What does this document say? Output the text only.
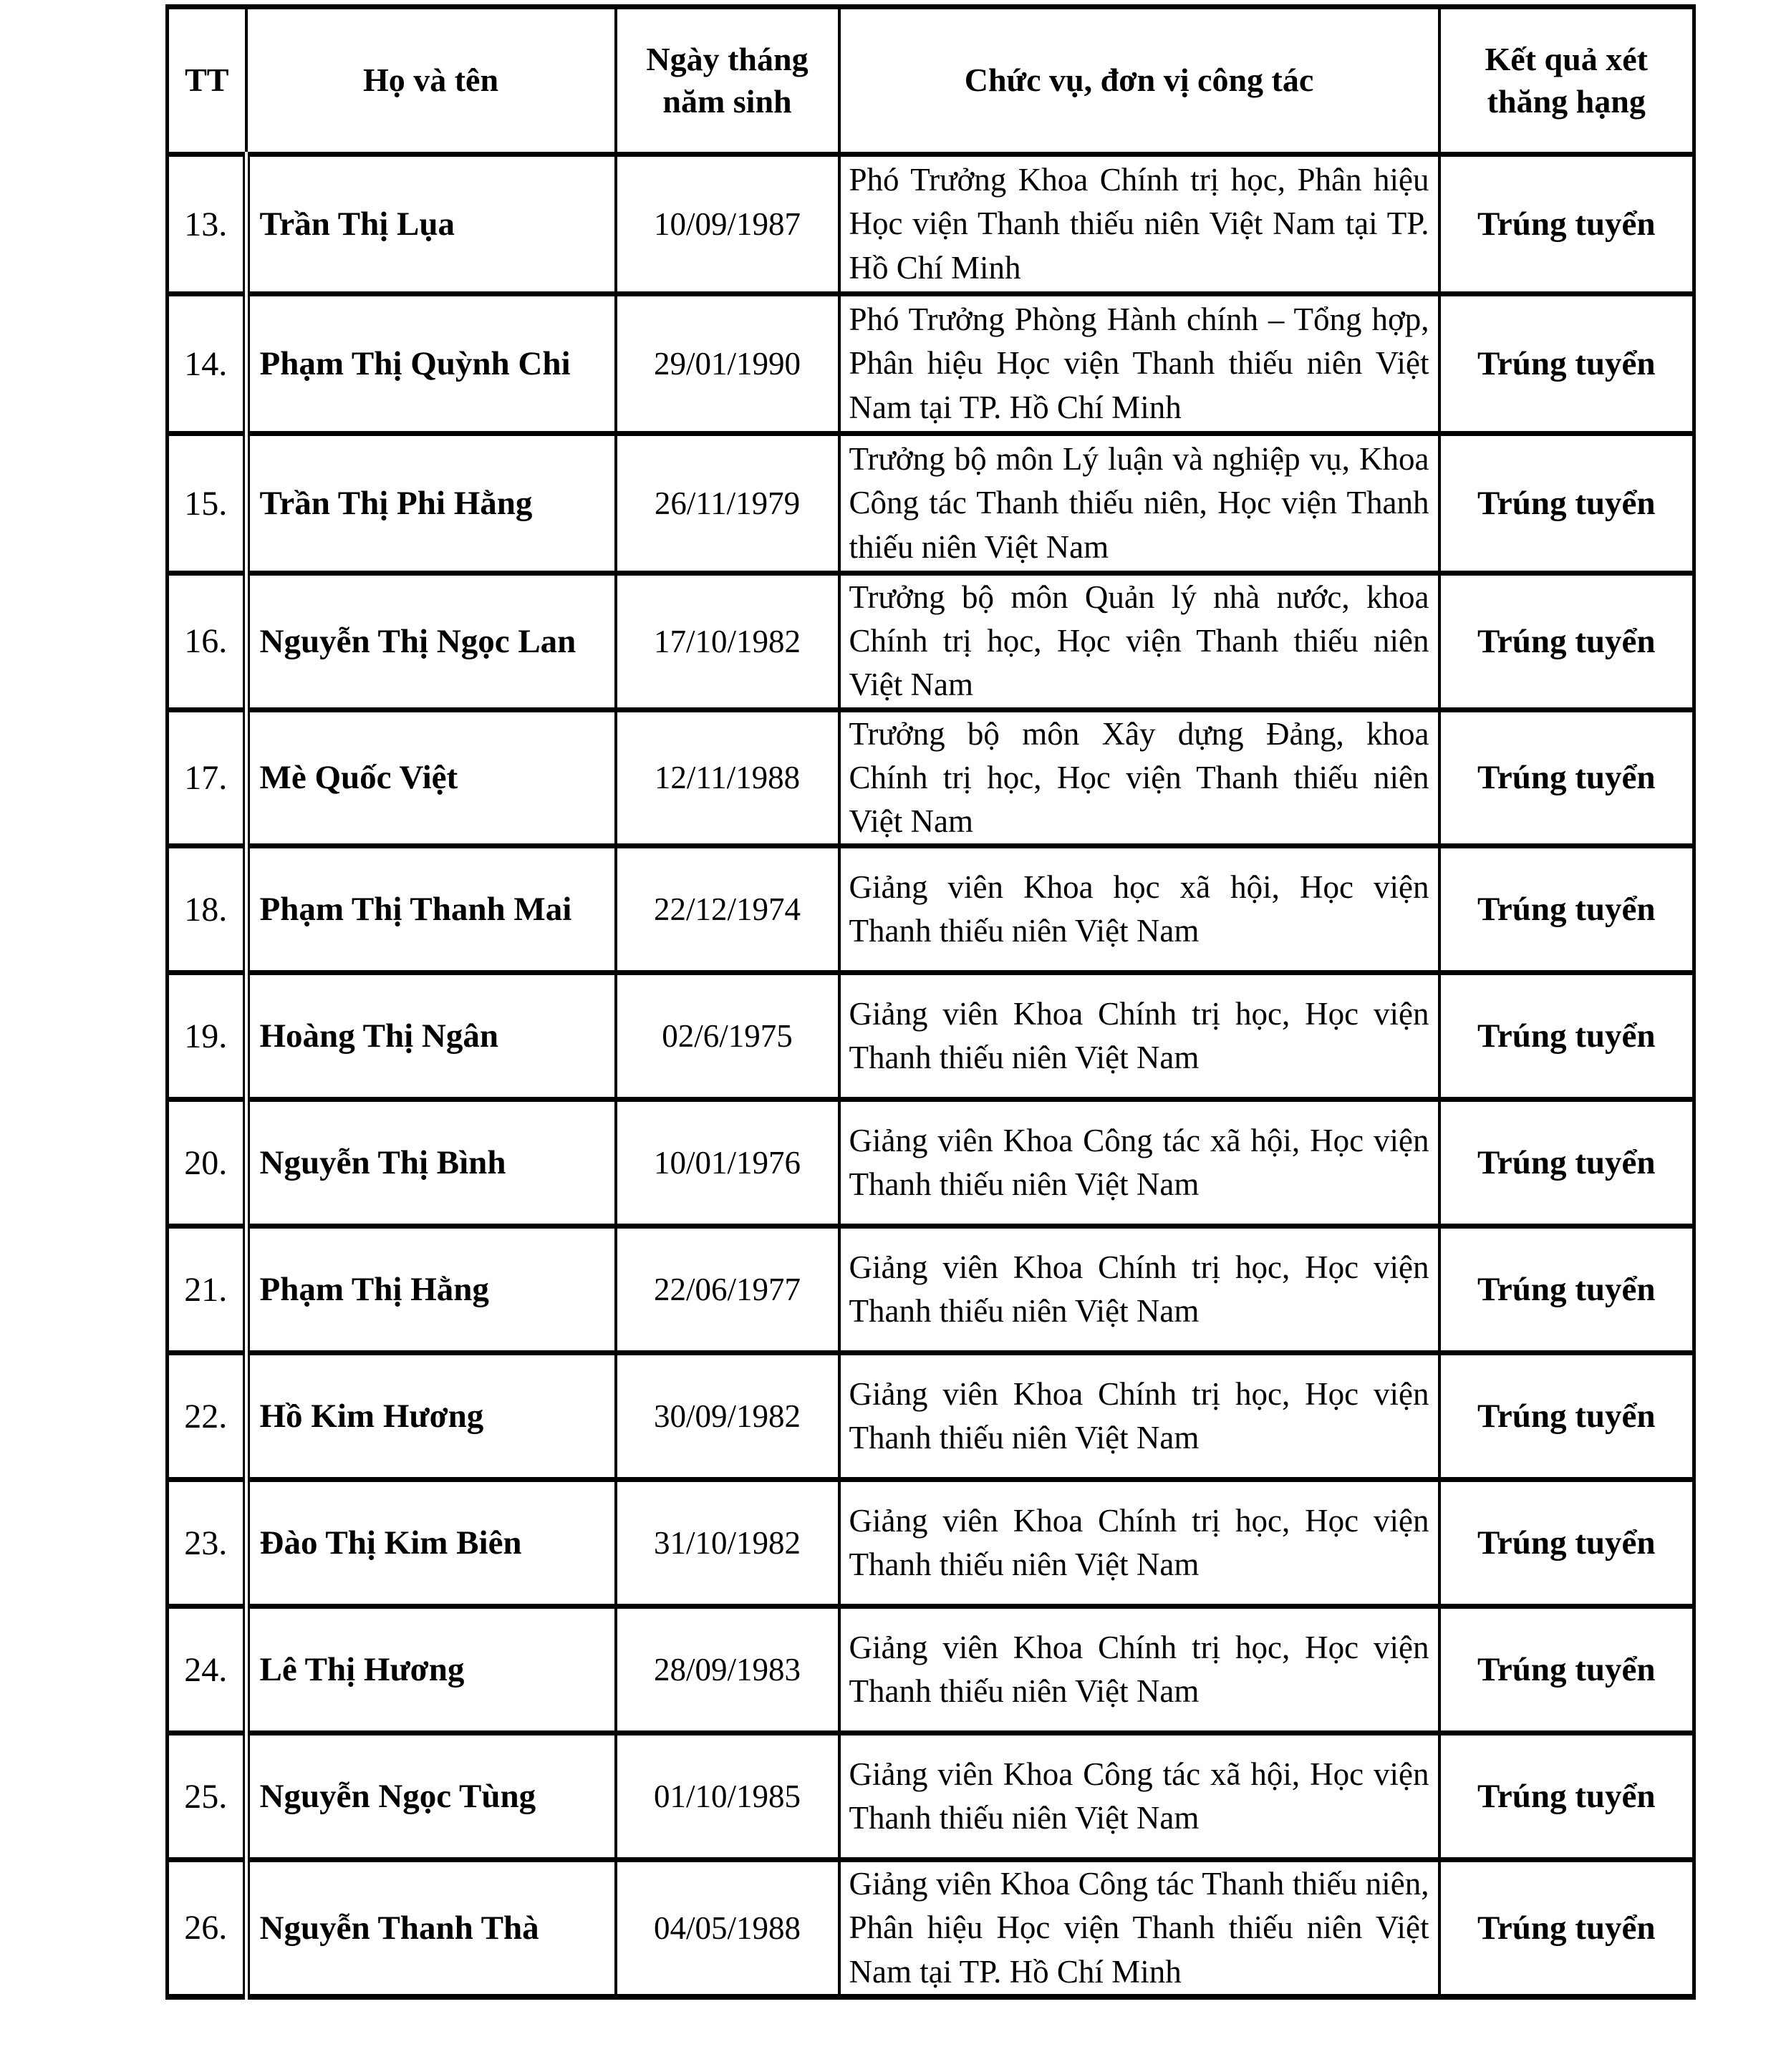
TT	Họ và tên	Ngày tháng năm sinh	Chức vụ, đơn vị công tác	Kết quả xét thăng hạng
13.	Trần Thị Lụa	10/09/1987	Phó Trưởng Khoa Chính trị học, Phân hiệu Học viện Thanh thiếu niên Việt Nam tại TP. Hồ Chí Minh	Trúng tuyển
14.	Phạm Thị Quỳnh Chi	29/01/1990	Phó Trưởng Phòng Hành chính – Tổng hợp, Phân hiệu Học viện Thanh thiếu niên Việt Nam tại TP. Hồ Chí Minh	Trúng tuyển
15.	Trần Thị Phi Hằng	26/11/1979	Trưởng bộ môn Lý luận và nghiệp vụ, Khoa Công tác Thanh thiếu niên, Học viện Thanh thiếu niên Việt Nam	Trúng tuyển
16.	Nguyễn Thị Ngọc Lan	17/10/1982	Trưởng bộ môn Quản lý nhà nước, khoa Chính trị học, Học viện Thanh thiếu niên Việt Nam	Trúng tuyển
17.	Mè Quốc Việt	12/11/1988	Trưởng bộ môn Xây dựng Đảng, khoa Chính trị học, Học viện Thanh thiếu niên Việt Nam	Trúng tuyển
18.	Phạm Thị Thanh Mai	22/12/1974	Giảng viên Khoa học xã hội, Học viện Thanh thiếu niên Việt Nam	Trúng tuyển
19.	Hoàng Thị Ngân	02/6/1975	Giảng viên Khoa Chính trị học, Học viện Thanh thiếu niên Việt Nam	Trúng tuyển
20.	Nguyễn Thị Bình	10/01/1976	Giảng viên Khoa Công tác xã hội, Học viện Thanh thiếu niên Việt Nam	Trúng tuyển
21.	Phạm Thị Hằng	22/06/1977	Giảng viên Khoa Chính trị học, Học viện Thanh thiếu niên Việt Nam	Trúng tuyển
22.	Hồ Kim Hương	30/09/1982	Giảng viên Khoa Chính trị học, Học viện Thanh thiếu niên Việt Nam	Trúng tuyển
23.	Đào Thị Kim Biên	31/10/1982	Giảng viên Khoa Chính trị học, Học viện Thanh thiếu niên Việt Nam	Trúng tuyển
24.	Lê Thị Hương	28/09/1983	Giảng viên Khoa Chính trị học, Học viện Thanh thiếu niên Việt Nam	Trúng tuyển
25.	Nguyễn Ngọc Tùng	01/10/1985	Giảng viên Khoa Công tác xã hội, Học viện Thanh thiếu niên Việt Nam	Trúng tuyển
26.	Nguyễn Thanh Thà	04/05/1988	Giảng viên Khoa Công tác Thanh thiếu niên, Phân hiệu Học viện Thanh thiếu niên Việt Nam tại TP. Hồ Chí Minh	Trúng tuyển
